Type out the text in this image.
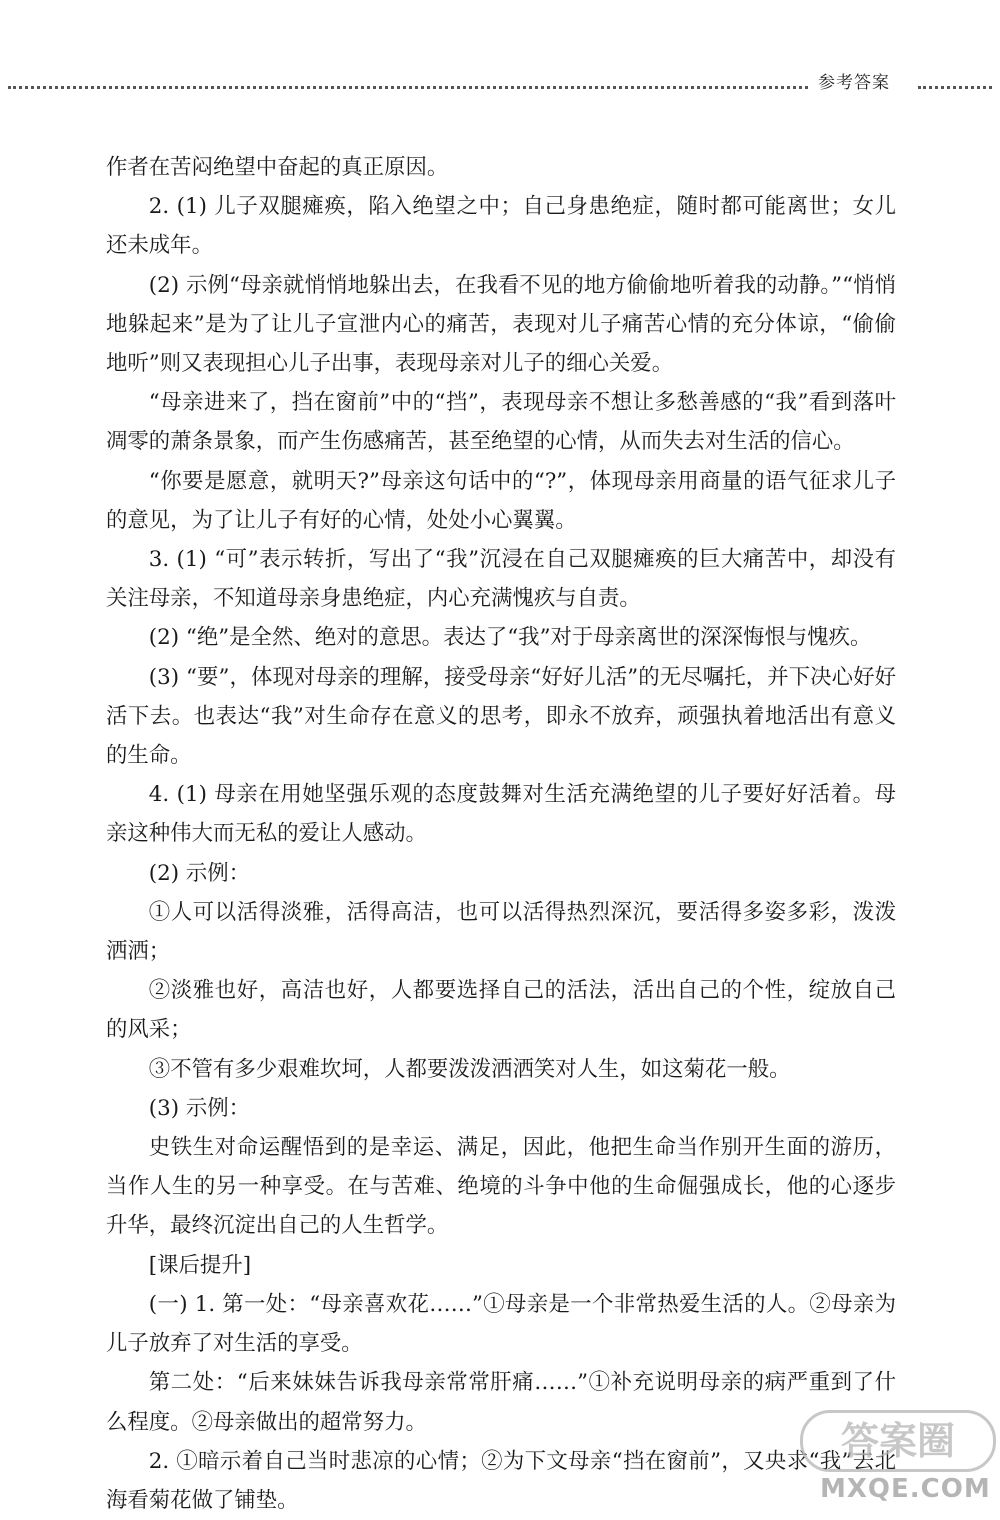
参考答案

作者在苦闷绝望中奋起的真正原因。

2. (1) 儿子双腿瘫痪，陷入绝望之中；自己身患绝症，随时都可能离世；女儿还未成年。

(2) 示例“母亲就悄悄地躲出去，在我看不见的地方偷偷地听着我的动静。”“悄悄地躲起来”是为了让儿子宣泄内心的痛苦，表现对儿子痛苦心情的充分体谅，“偷偷地听”则又表现担心儿子出事，表现母亲对儿子的细心关爱。

“母亲进来了，挡在窗前”中的“挡”，表现母亲不想让多愁善感的“我”看到落叶凋零的萧条景象，而产生伤感痛苦，甚至绝望的心情，从而失去对生活的信心。

“你要是愿意，就明天?”母亲这句话中的“?”，体现母亲用商量的语气征求儿子的意见，为了让儿子有好的心情，处处小心翼翼。

3. (1) “可”表示转折，写出了“我”沉浸在自己双腿瘫痪的巨大痛苦中，却没有关注母亲，不知道母亲身患绝症，内心充满愧疚与自责。

(2) “绝”是全然、绝对的意思。表达了“我”对于母亲离世的深深悔恨与愧疚。

(3) “要”，体现对母亲的理解，接受母亲“好好儿活”的无尽嘱托，并下决心好好活下去。也表达“我”对生命存在意义的思考，即永不放弃，顽强执着地活出有意义的生命。

4. (1) 母亲在用她坚强乐观的态度鼓舞对生活充满绝望的儿子要好好活着。母亲这种伟大而无私的爱让人感动。

(2) 示例：

①人可以活得淡雅，活得高洁，也可以活得热烈深沉，要活得多姿多彩，泼泼洒洒；

②淡雅也好，高洁也好，人都要选择自己的活法，活出自己的个性，绽放自己的风采；

③不管有多少艰难坎坷，人都要泼泼洒洒笑对人生，如这菊花一般。

(3) 示例：

史铁生对命运醒悟到的是幸运、满足，因此，他把生命当作别开生面的游历，当作人生的另一种享受。在与苦难、绝境的斗争中他的生命倔强成长，他的心逐步升华，最终沉淀出自己的人生哲学。

[课后提升]

(一) 1. 第一处：“母亲喜欢花……”①母亲是一个非常热爱生活的人。②母亲为儿子放弃了对生活的享受。

第二处：“后来妹妹告诉我母亲常常肝痛……”①补充说明母亲的病严重到了什么程度。②母亲做出的超常努力。

2. ①暗示着自己当时悲凉的心情；②为下文母亲“挡在窗前”，又央求“我”去北海看菊花做了铺垫。

答案圈
MXQE.COM
